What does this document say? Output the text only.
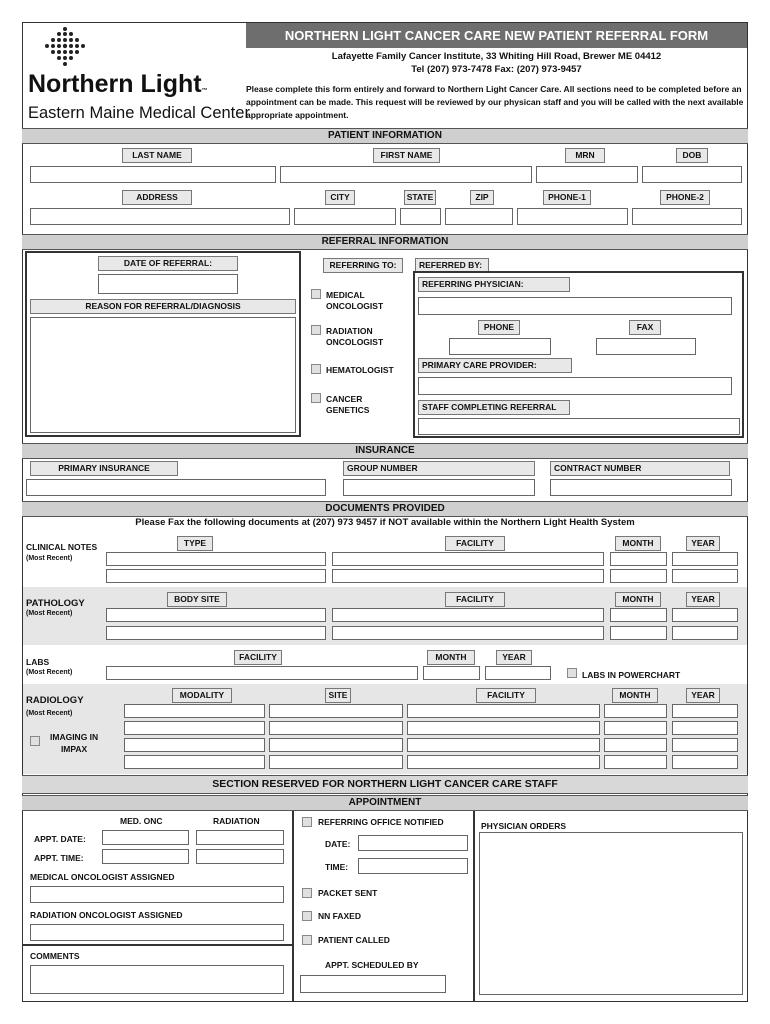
Northern Light™
Eastern Maine Medical Center
NORTHERN LIGHT CANCER CARE NEW PATIENT REFERRAL FORM
Lafayette Family Cancer Institute, 33 Whiting Hill Road, Brewer ME 04412
Tel (207) 973-7478 Fax: (207) 973-9457
Please complete this form entirely and forward to Northern Light Cancer Care. All sections need to be completed before an appointment can be made. This request will be reviewed by our physican staff and you will be called with the next available appropriate appointment.
PATIENT INFORMATION
LAST NAME	FIRST NAME	MRN	DOB
ADDRESS	CITY	STATE	ZIP	PHONE-1	PHONE-2
REFERRAL INFORMATION
DATE OF REFERRAL:
REASON FOR REFERRAL/DIAGNOSIS
REFERRING TO:
MEDICAL
ONCOLOGIST
RADIATION
ONCOLOGIST
HEMATOLOGIST
CANCER
GENETICS
REFERRED BY:
REFERRING PHYSICIAN:
PHONE	FAX
PRIMARY CARE PROVIDER:
STAFF COMPLETING REFERRAL
INSURANCE
PRIMARY INSURANCE	GROUP NUMBER	CONTRACT NUMBER
DOCUMENTS PROVIDED
Please Fax the following documents at (207) 973 9457 if NOT available within the Northern Light Health System
CLINICAL NOTES
(Most Recent)
TYPE	FACILITY	MONTH	YEAR
PATHOLOGY
(Most Recent)
BODY SITE	FACILITY	MONTH	YEAR
LABS
(Most Recent)
FACILITY	MONTH	YEAR
LABS IN POWERCHART
RADIOLOGY
(Most Recent)
MODALITY	SITE	FACILITY	MONTH	YEAR
IMAGING IN
IMPAX
SECTION RESERVED FOR NORTHERN LIGHT CANCER CARE STAFF
APPOINTMENT
MED. ONC	RADIATION
APPT. DATE:
APPT. TIME:
MEDICAL ONCOLOGIST ASSIGNED
RADIATION ONCOLOGIST ASSIGNED
COMMENTS
REFERRING OFFICE NOTIFIED
DATE:
TIME:
PACKET SENT
NN FAXED
PATIENT CALLED
APPT. SCHEDULED BY
PHYSICIAN ORDERS
